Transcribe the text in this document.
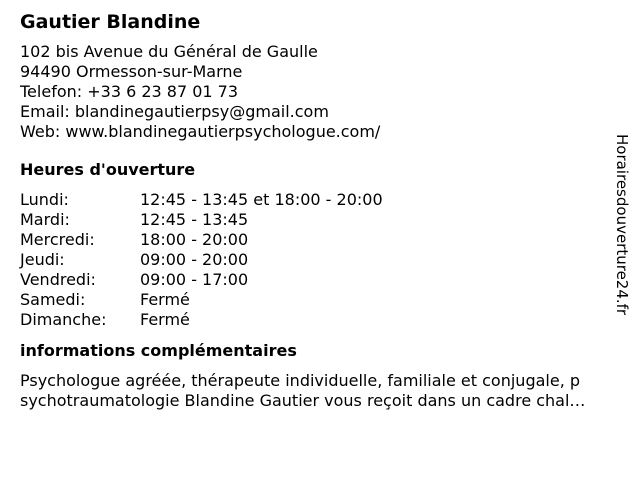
Gautier Blandine
102 bis Avenue du Général de Gaulle
94490 Ormesson-sur-Marne
Telefon: +33 6 23 87 01 73
Email: blandinegautierpsy@gmail.com
Web: www.blandinegautierpsychologue.com/
Heures d'ouverture
Lundi:	12:45 - 13:45 et 18:00 - 20:00
Mardi:	12:45 - 13:45
Mercredi:	18:00 - 20:00
Jeudi:	09:00 - 20:00
Vendredi:	09:00 - 17:00
Samedi:	Fermé
Dimanche:	Fermé
informations complémentaires
Psychologue agréée, thérapeute individuelle, familiale et conjugale, p
sychotraumatologie Blandine Gautier vous reçoit dans un cadre chal…
Horairesdouverture24.fr
